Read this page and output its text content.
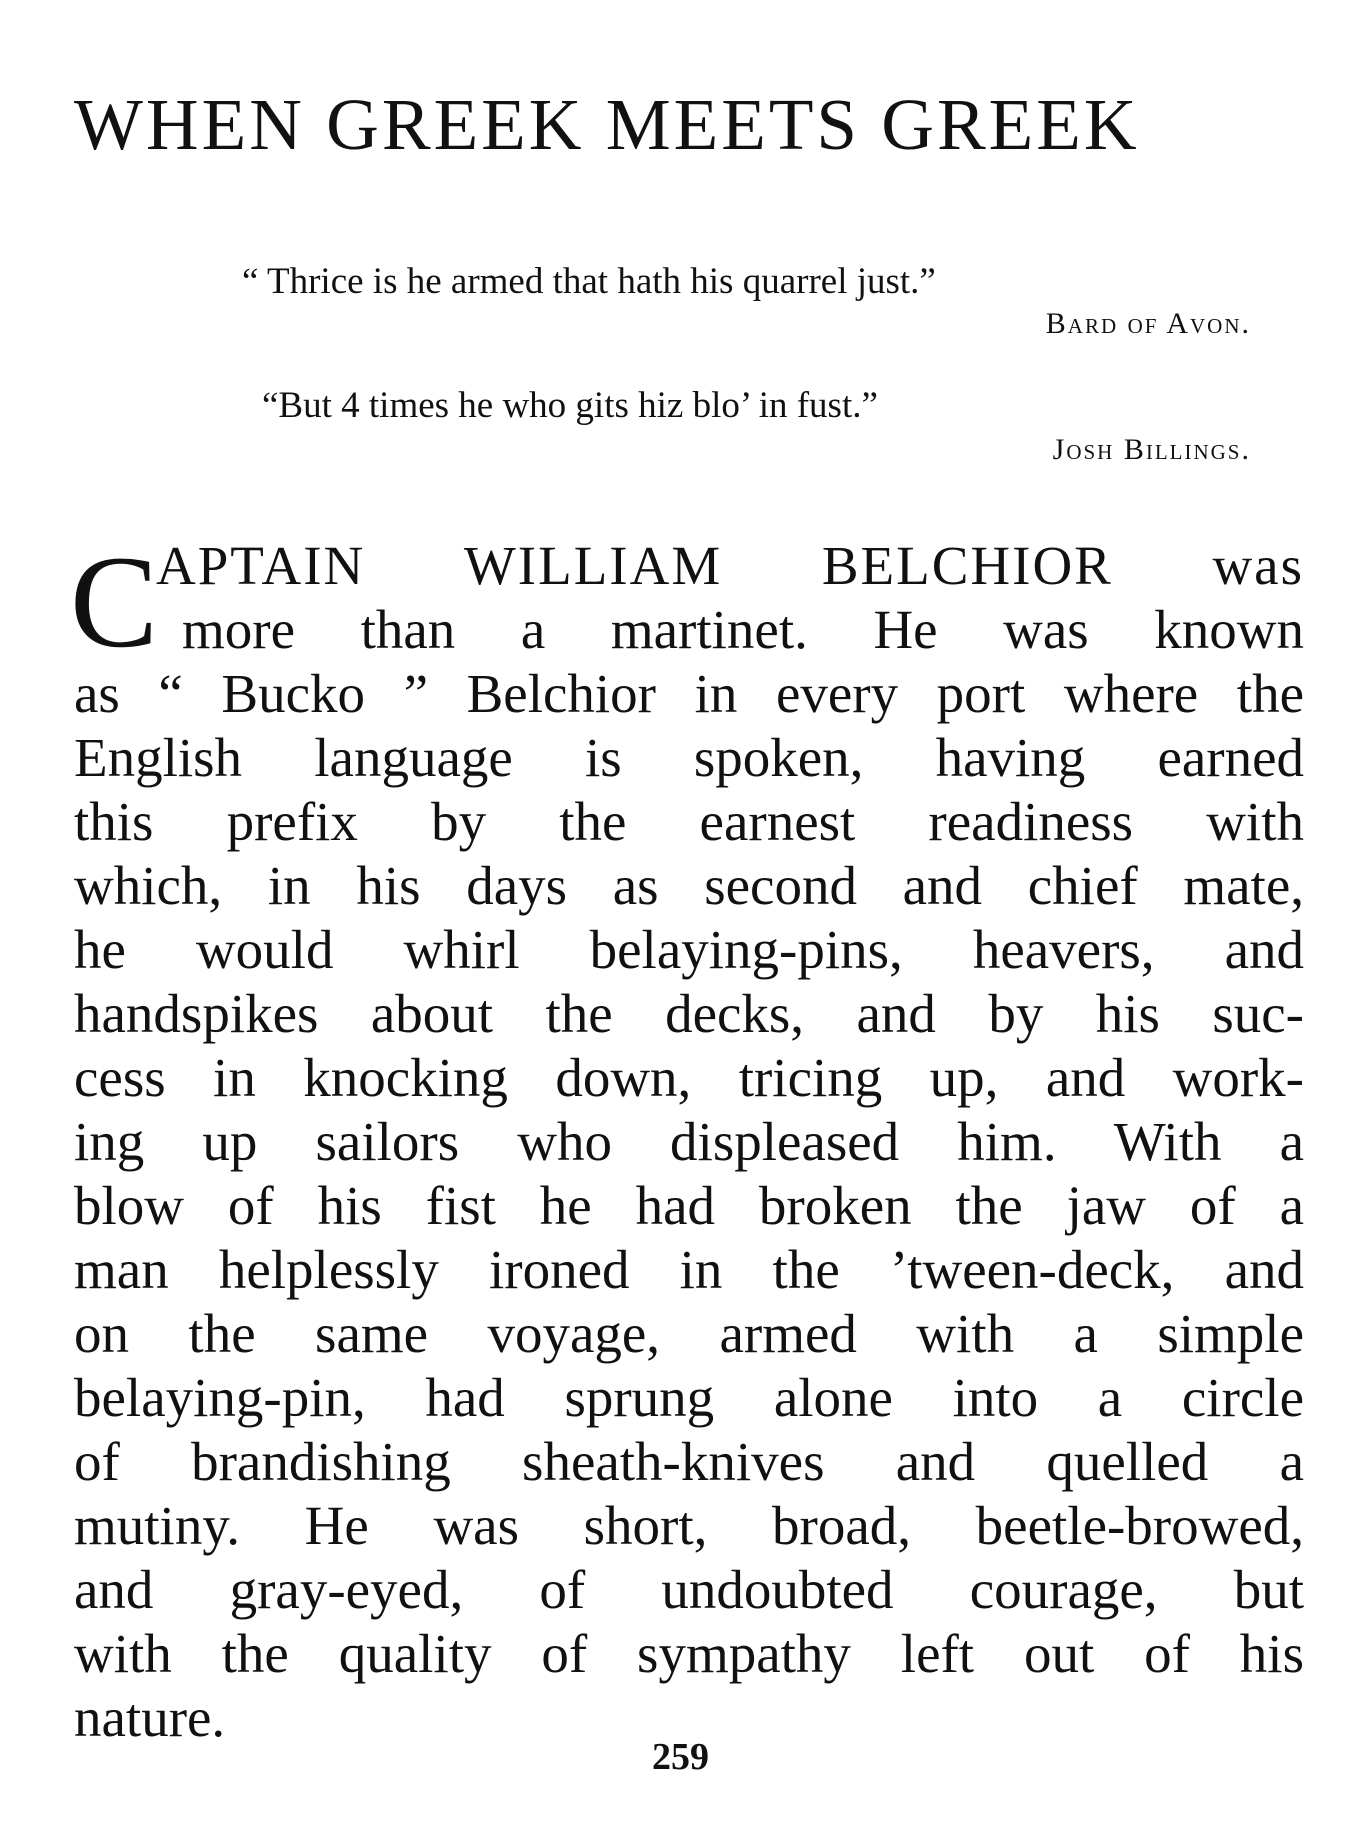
WHEN GREEK MEETS GREEK
“ Thrice is he armed that hath his quarrel just.”
Bard of Avon.
“But 4 times he who gits hiz blo’ in fust.”
Josh Billings.
C
APTAIN WILLIAM BELCHIOR was
more than a martinet. He was known
as “ Bucko ” Belchior in every port where the
English language is spoken, having earned
this prefix by the earnest readiness with
which, in his days as second and chief mate,
he would whirl belaying-pins, heavers, and
handspikes about the decks, and by his suc-
cess in knocking down, tricing up, and work-
ing up sailors who displeased him. With a
blow of his fist he had broken the jaw of a
man helplessly ironed in the ’tween-deck, and
on the same voyage, armed with a simple
belaying-pin, had sprung alone into a circle
of brandishing sheath-knives and quelled a
mutiny. He was short, broad, beetle-browed,
and gray-eyed, of undoubted courage, but
with the quality of sympathy left out of his
nature.
259
